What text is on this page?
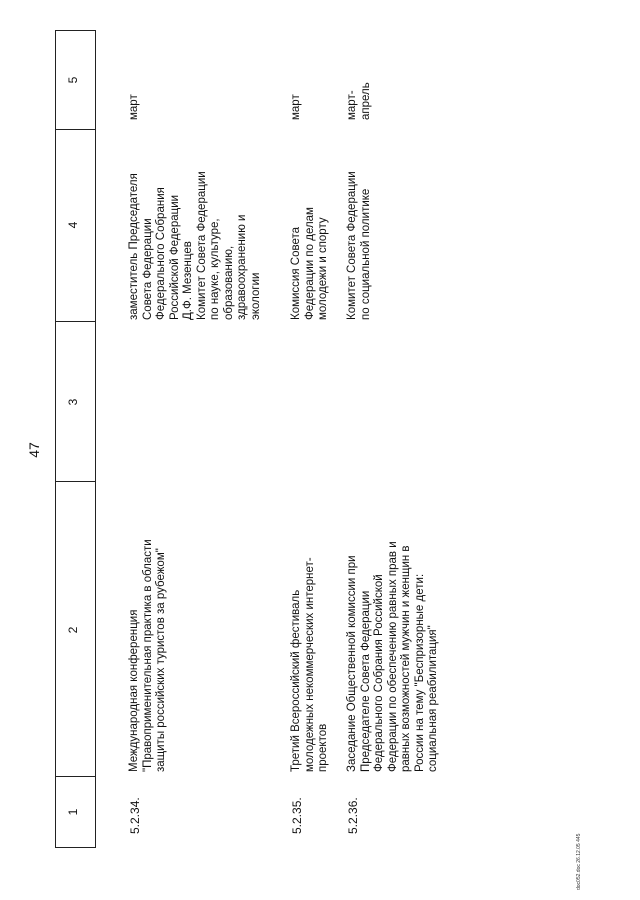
47
1
2
3
4
5
5.2.34.
Международная конференция
"Правоприменительная практика в области
защиты российских туристов за рубежом"
заместитель Председателя
Совета Федерации
Федерального Собрания
Российской Федерации
Д.Ф. Мезенцев
Комитет Совета Федерации
по науке, культуре,
образованию,
здравоохранению и
экологии
март
5.2.35.
Третий Всероссийский фестиваль
молодежных некоммерческих интернет-
проектов
Комиссия Совета
Федерации по делам
молодежи и спорту
март
5.2.36.
Заседание Общественной комиссии при
Председателе Совета Федерации
Федерального Собрания Российской
Федерации по обеспечению равных прав и
равных возможностей мужчин и женщин в
России на тему "Беспризорные дети:
социальная реабилитация"
Комитет Совета Федерации
по социальной политике
март-
апрель
doc052.doc 26.12.05 445
